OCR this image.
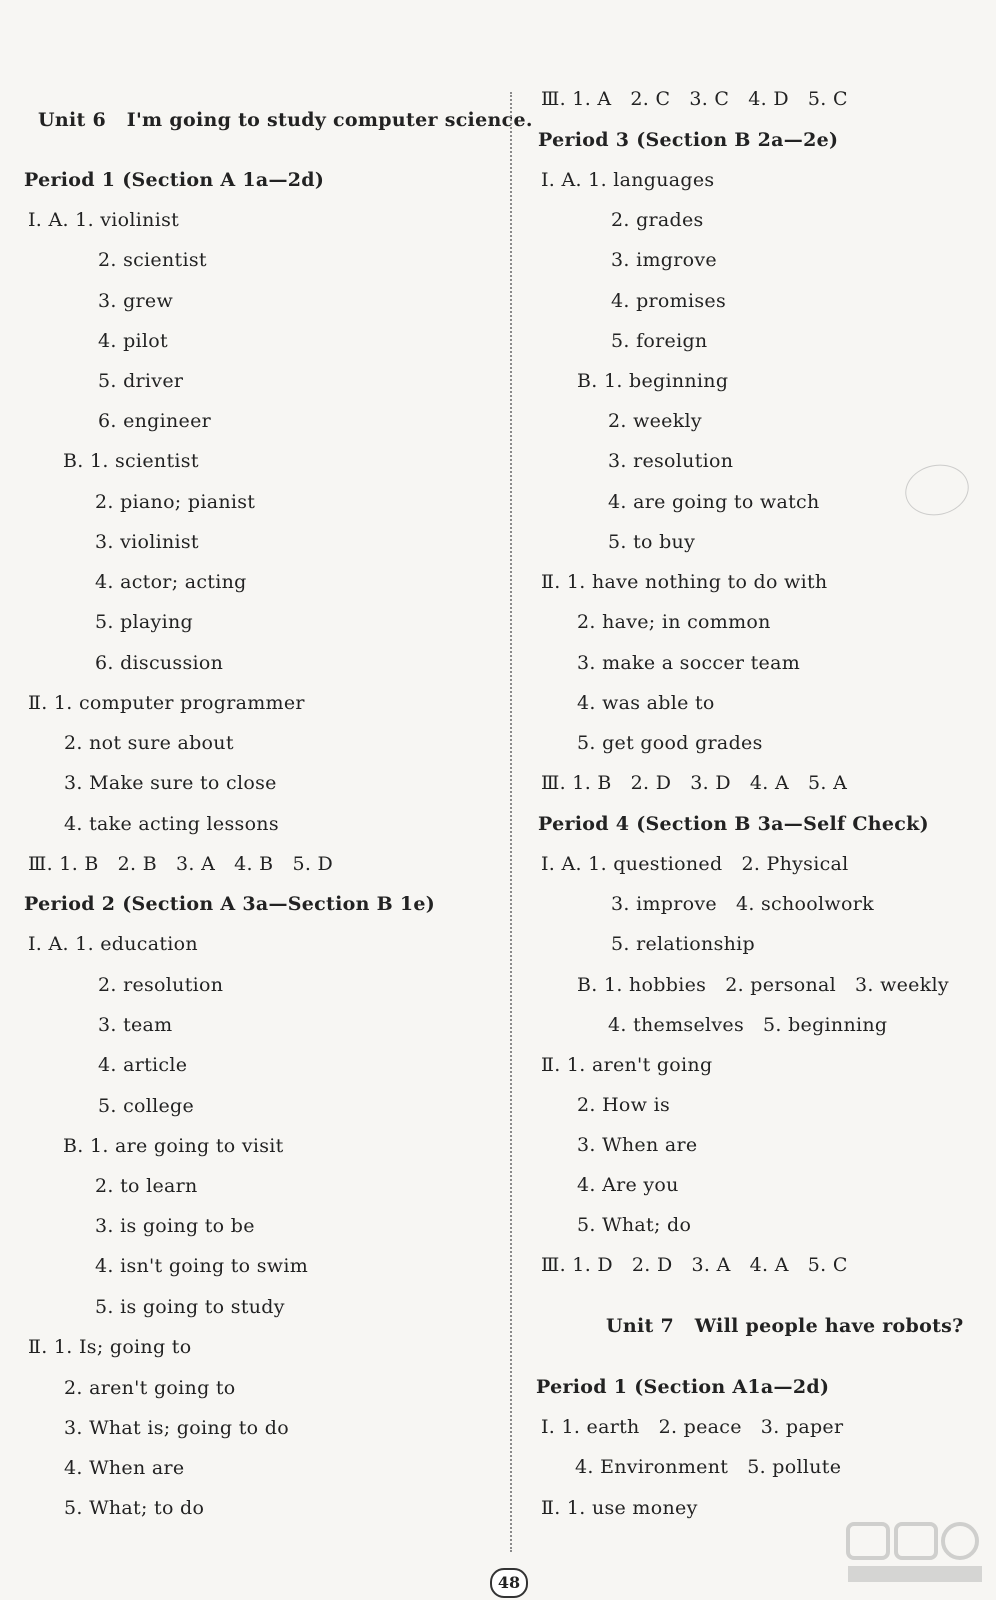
Unit 6   I'm going to study computer science.
Period 1 (Section A 1a—2d)
Ⅰ. A. 1. violinist
2. scientist
3. grew
4. pilot
5. driver
6. engineer
B. 1. scientist
2. piano; pianist
3. violinist
4. actor; acting
5. playing
6. discussion
Ⅱ. 1. computer programmer
2. not sure about
3. Make sure to close
4. take acting lessons
Ⅲ. 1. B   2. B   3. A   4. B   5. D
Period 2 (Section A 3a—Section B 1e)
Ⅰ. A. 1. education
2. resolution
3. team
4. article
5. college
B. 1. are going to visit
2. to learn
3. is going to be
4. isn't going to swim
5. is going to study
Ⅱ. 1. Is; going to
2. aren't going to
3. What is; going to do
4. When are
5. What; to do
Ⅲ. 1. A   2. C   3. C   4. D   5. C
Period 3 (Section B 2a—2e)
Ⅰ. A. 1. languages
2. grades
3. imgrove
4. promises
5. foreign
B. 1. beginning
2. weekly
3. resolution
4. are going to watch
5. to buy
Ⅱ. 1. have nothing to do with
2. have; in common
3. make a soccer team
4. was able to
5. get good grades
Ⅲ. 1. B   2. D   3. D   4. A   5. A
Period 4 (Section B 3a—Self Check)
Ⅰ. A. 1. questioned   2. Physical
3. improve   4. schoolwork
5. relationship
B. 1. hobbies   2. personal   3. weekly
4. themselves   5. beginning
Ⅱ. 1. aren't going
2. How is
3. When are
4. Are you
5. What; do
Ⅲ. 1. D   2. D   3. A   4. A   5. C
Unit 7   Will people have robots?
Period 1 (Section A1a—2d)
Ⅰ. 1. earth   2. peace   3. paper
4. Environment   5. pollute
Ⅱ. 1. use money
48
